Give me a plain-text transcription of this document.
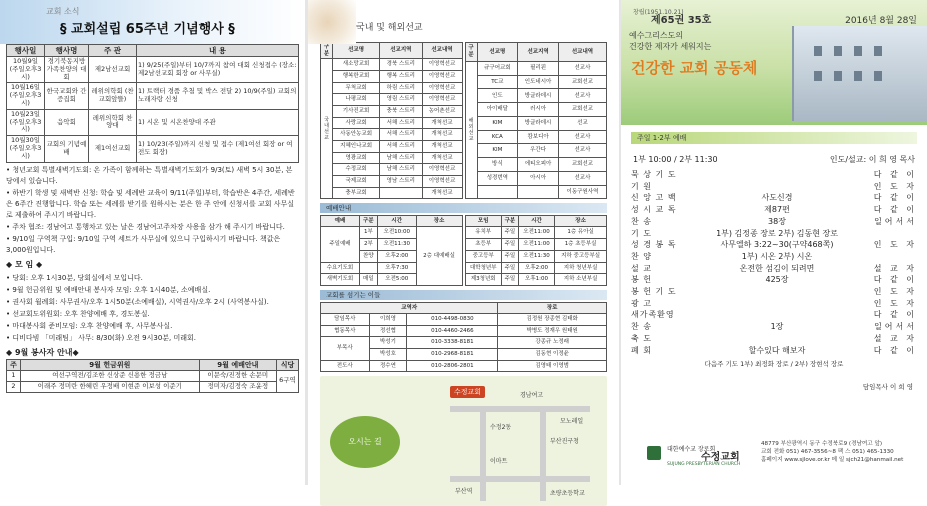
교회 소식
§ 교회설립 65주년 기념행사 §
행사일	행사명	주 관	내 용
10월9일 (주일오후3시)	경기북동지방 가족찬양의 대회	제2남선교회	1) 9/25(주일)부터 10/7까지 참여 대회 신청접수 (장소: 제2남선교회 회장 or 사무실)
10월16일 (주일오후3시)	한국교회와 간증집회	레위의학회 (찬교회앞뜰)	1) 트랙터 경품 추첨 및 박스 전달 2) 10/9(주일) 교회의 노래자랑 신청
10월23일 (주일오후3시)	음악회	레위의학회 찬양대	1) 시온 및 시온찬양대 주관
10월30일 (주일오후3시)	교회의 기념예배	제1여선교회	1) 10/23(주일)까지 신청 및 접수 (제1여선 회장 or 여전도 회장)

• 청년교회 특별새벽기도회: 온 가족이 함께하는 특별새벽기도회가 9/3(토) 새벽 5시 30분, 본당에서 있습니다.

• 하반기 학생 및 새벽반 신청: 학습 및 세례반 교육이 9/11(주일)부터, 학습반은 4주간, 세례반은 6주간 진행합니다. 학습 또는 세례를 받기를 원하시는 분은 한 주 안에 신청서를 교회 사무실로 제출하여 주시기 바랍니다.

• 주차 협조: 경남여고 통행차고 있는 날은 경남여고주차장 사용을 삼가 해 주시기 바랍니다.

• 9/10일 구역책 구입: 9/10일 구역 세트가 사무실에 있으니 구입하시기 바랍니다. 책값은 3,000원입니다.

◆ 모 임 ◆

• 당회: 오후 1시30분, 당회실에서 모입니다.

• 9월 헌금위원 및 예배안내 봉사자 모임: 오후 1시40분, 소예배실.

• 권사회 월례회: 사무권사/오후 1시50분(소예배실), 시역권사/오후 2시 (사역봉사실).

• 선교회도위원회: 오후 찬양예배 후, 경도봉실.

• 마대봉사회 준비모임: 오후 찬양예배 후, 사무봉사실.

• 디비다빔 「미래팀」 사무: 8/30(화) 오전 9시30분, 미래회.

◆ 9월 봉사자 안내◆
주	9월 헌금위원	9월 예배안내	식당
1	여선구역전/김조한 신상준 신용한 정금남	이문숙/진정한 손문미	6구역
2	이래주 정미란 한혜린 우정배 이현준 이보성 이준기	정미자/김정숙 조윤정	
국내 및 해외선교
구분	선교명	선교지역	선교내역
국내선교	새소망교회	경북 스트리	이영혁선교
	행복한교회	행복 스트리	이영혁선교
	무척교회	하림 스트리	이영혁선교
	나평교회	영림 스트리	이영혁선교
	기사진교회	충북 스트리	농어촌선교
	사랑교회	서해 스트리	개척선교
	사동안농교회	서해 스트리	개척선교
	지혜인나교회	서해 스트리	개척선교
	영광교회	남해 스트리	개척선교
	수정교회	남해 스트리	이영혁선교
	국제교회	영남 스트리	이영혁선교
	충부교회		개척선교
구분	선교명	선교지역	선교내역
해외선교	규구어교회	필리핀	선교사
	TC교	인도네시아	교회선교
	인도	방글라데시	선교사
	아이배달	러시아	교회선교
	KIM	방글라데시	선교
	KCA	캄보디아	선교사
	KIM	우간다	선교사
	방식	에티오피아	교회선교
	성경번역	아시아	선교사
			이동구원사역
예배안내
예배	구분	시간	장소
주일예배	1부	오전10:00	2층 대예배실
	2부	오전11:30	
	찬양	오후2:00	
수요기도회		오후7:30	
새벽기도회	매일	오전5:00	
모임	구분	시간	장소
유치부	주일	오전11:00	1층 유아실
초등부	주일	오전11:00	1층 초등부실
중고등부	주일	오전11:30	지하 중고등부실
대학청년부	주일	오후2:00	지하 청년부실
제3청년회	주일	오후1:00	지하 소년부실
교회를 섬기는 이들
교역자			장로
담임목사	이희영	010-4498-0830	김정원 장종현 김태화
협동목사	정선협	010-4460-2466	박병도 정재우 원태원
부목사	박성기	010-3338-8181	강종규 노정래
	박성호	010-2968-8181	김동현 이정윤
전도사	정수연	010-2806-2801	김영태 이영범
오시는 길
수정교회	경남여고
수정2동
부산진구청
이마트
부산역
모노레일
초량초등학교
창립(1951.10.21)
제65권 35호	2016년 8월 28일
예수그리스도의
건강한 제자가 세워지는
건강한 교회 공동체
주일 1·2부 예배
1부 10:00 / 2부 11:30	인도/설교: 이 희 영 목사
묵 상 기 도	다 같 이
기 원	인 도 자
신 앙 고 백	사도신경	다 같 이
성 시 교 독	제87편	다 같 이
찬 송	38장	일어서서
기 도	1부) 김정종 장로 2부) 김동현 장로
성 경 봉 독	사무엘하 3:22~30(구약468쪽)	인 도 자
찬 양	1부) 시온 2부) 시온
설 교	온전한 섬김이 되려면	설 교 자
봉 헌	425장	다 같 이
봉 헌 기 도	인 도 자
광 고	인 도 자
새가족환영	다 같 이
찬 송	1장	일어서서
축 도	설 교 자
폐 회	할수있다 해보자	다 같 이
다음주 기도 1부) 최정화 장로 / 2부) 장현석 장로
담임목사 이 희 영
대한예수교 장로회
수정교회
SUJUNG PRESBYTERIAN CHURCH
48779 부산광역시 동구 수정북로9 (경남여고 앞)
교회 전화 051) 467-3556~8 팩 스 051) 465-1330
홈페이지 www.sjlove.or.kr 메 일 sjch21@hanmail.net
